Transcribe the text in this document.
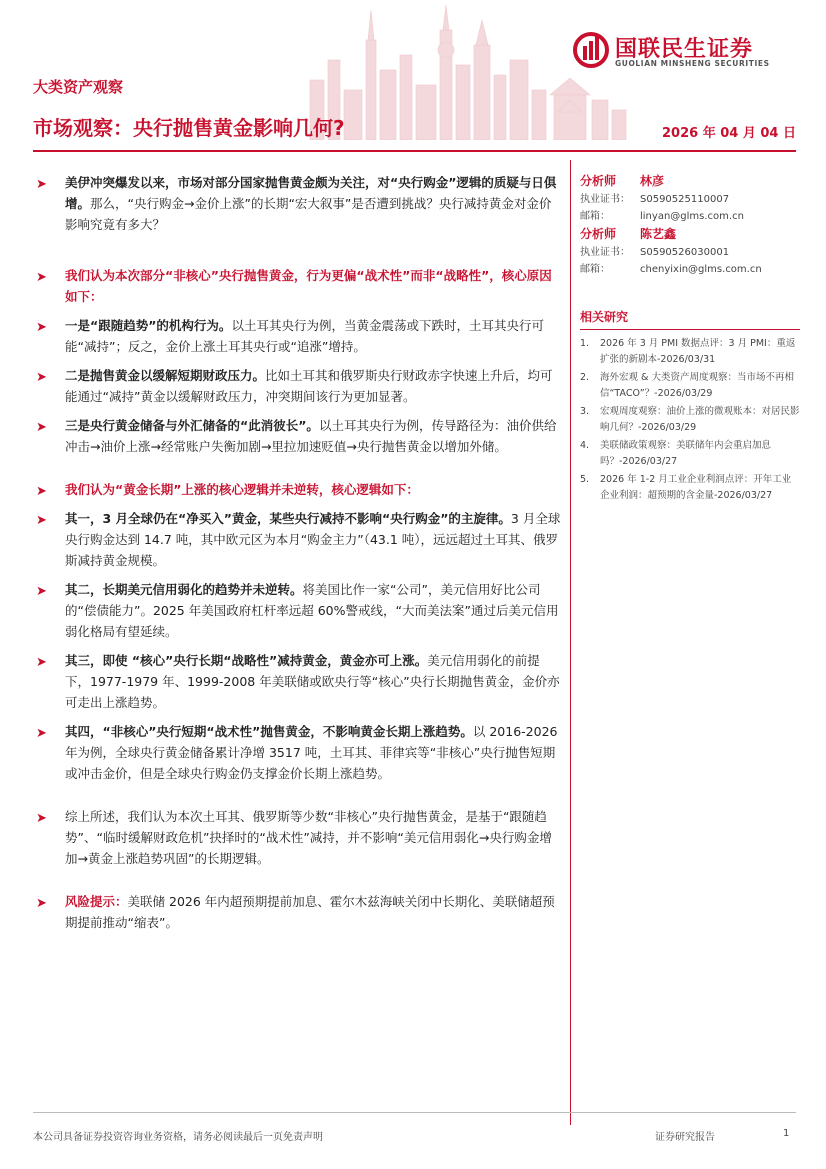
国联民生证券
GUOLIAN MINSHENG SECURITIES
大类资产观察
市场观察：央行抛售黄金影响几何?	2026 年 04 月 04 日
➤ 美伊冲突爆发以来，市场对部分国家抛售黄金颇为关注，对“央行购金”逻辑的质疑与日俱增。那么，“央行购金→金价上涨”的长期“宏大叙事”是否遭到挑战？央行减持黄金对金价影响究竟有多大？
➤ 我们认为本次部分“非核心”央行抛售黄金，行为更偏“战术性”而非“战略性”，核心原因如下：
➤ 一是“跟随趋势”的机构行为。以土耳其央行为例，当黄金震荡或下跌时，土耳其央行可能“减持”；反之，金价上涨土耳其央行或“追涨”增持。
➤ 二是抛售黄金以缓解短期财政压力。比如土耳其和俄罗斯央行财政赤字快速上升后，均可能通过“减持”黄金以缓解财政压力，冲突期间该行为更加显著。
➤ 三是央行黄金储备与外汇储备的“此消彼长”。以土耳其央行为例，传导路径为：油价供给冲击→油价上涨→经常账户失衡加剧→里拉加速贬值→央行抛售黄金以增加外储。
➤ 我们认为“黄金长期”上涨的核心逻辑并未逆转，核心逻辑如下：
➤ 其一，3 月全球仍在“净买入”黄金，某些央行减持不影响“央行购金”的主旋律。3 月全球央行购金达到 14.7 吨，其中欧元区为本月“购金主力”（43.1 吨），远远超过土耳其、俄罗斯减持黄金规模。
➤ 其二，长期美元信用弱化的趋势并未逆转。将美国比作一家“公司”，美元信用好比公司的“偿债能力”。2025 年美国政府杠杆率远超 60%警戒线，“大而美法案”通过后美元信用弱化格局有望延续。
➤ 其三，即使 “核心”央行长期“战略性”减持黄金，黄金亦可上涨。美元信用弱化的前提下，1977-1979 年、1999-2008 年美联储或欧央行等“核心”央行长期抛售黄金，金价亦可走出上涨趋势。
➤ 其四，“非核心”央行短期“战术性”抛售黄金，不影响黄金长期上涨趋势。以 2016-2026 年为例，全球央行黄金储备累计净增 3517 吨，土耳其、菲律宾等“非核心”央行抛售短期或冲击金价，但是全球央行购金仍支撑金价长期上涨趋势。
➤ 综上所述，我们认为本次土耳其、俄罗斯等少数“非核心”央行抛售黄金，是基于“跟随趋势”、“临时缓解财政危机”抉择时的“战术性”减持，并不影响“美元信用弱化→央行购金增加→黄金上涨趋势巩固”的长期逻辑。
➤ 风险提示：美联储 2026 年内超预期提前加息、霍尔木兹海峡关闭中长期化、美联储超预期提前推动“缩表”。
分析师 林彦
执业证书： S0590525110007
邮箱：	linyan@glms.com.cn
分析师 陈艺鑫
执业证书： S0590526030001
邮箱：	chenyixin@glms.com.cn
相关研究
1. 2026 年 3 月 PMI 数据点评：3 月 PMI：重返扩张的新剧本-2026/03/31
2. 海外宏观 & 大类资产周度观察：当市场不再相信“TACO”？-2026/03/29
3. 宏观周度观察：油价上涨的微观账本：对居民影响几何？-2026/03/29
4. 美联储政策观察：美联储年内会重启加息吗？-2026/03/27
5. 2026 年 1-2 月工业企业利润点评：开年工业企业利润：超预期的含金量-2026/03/27
本公司具备证券投资咨询业务资格，请务必阅读最后一页免责声明	证券研究报告	1
